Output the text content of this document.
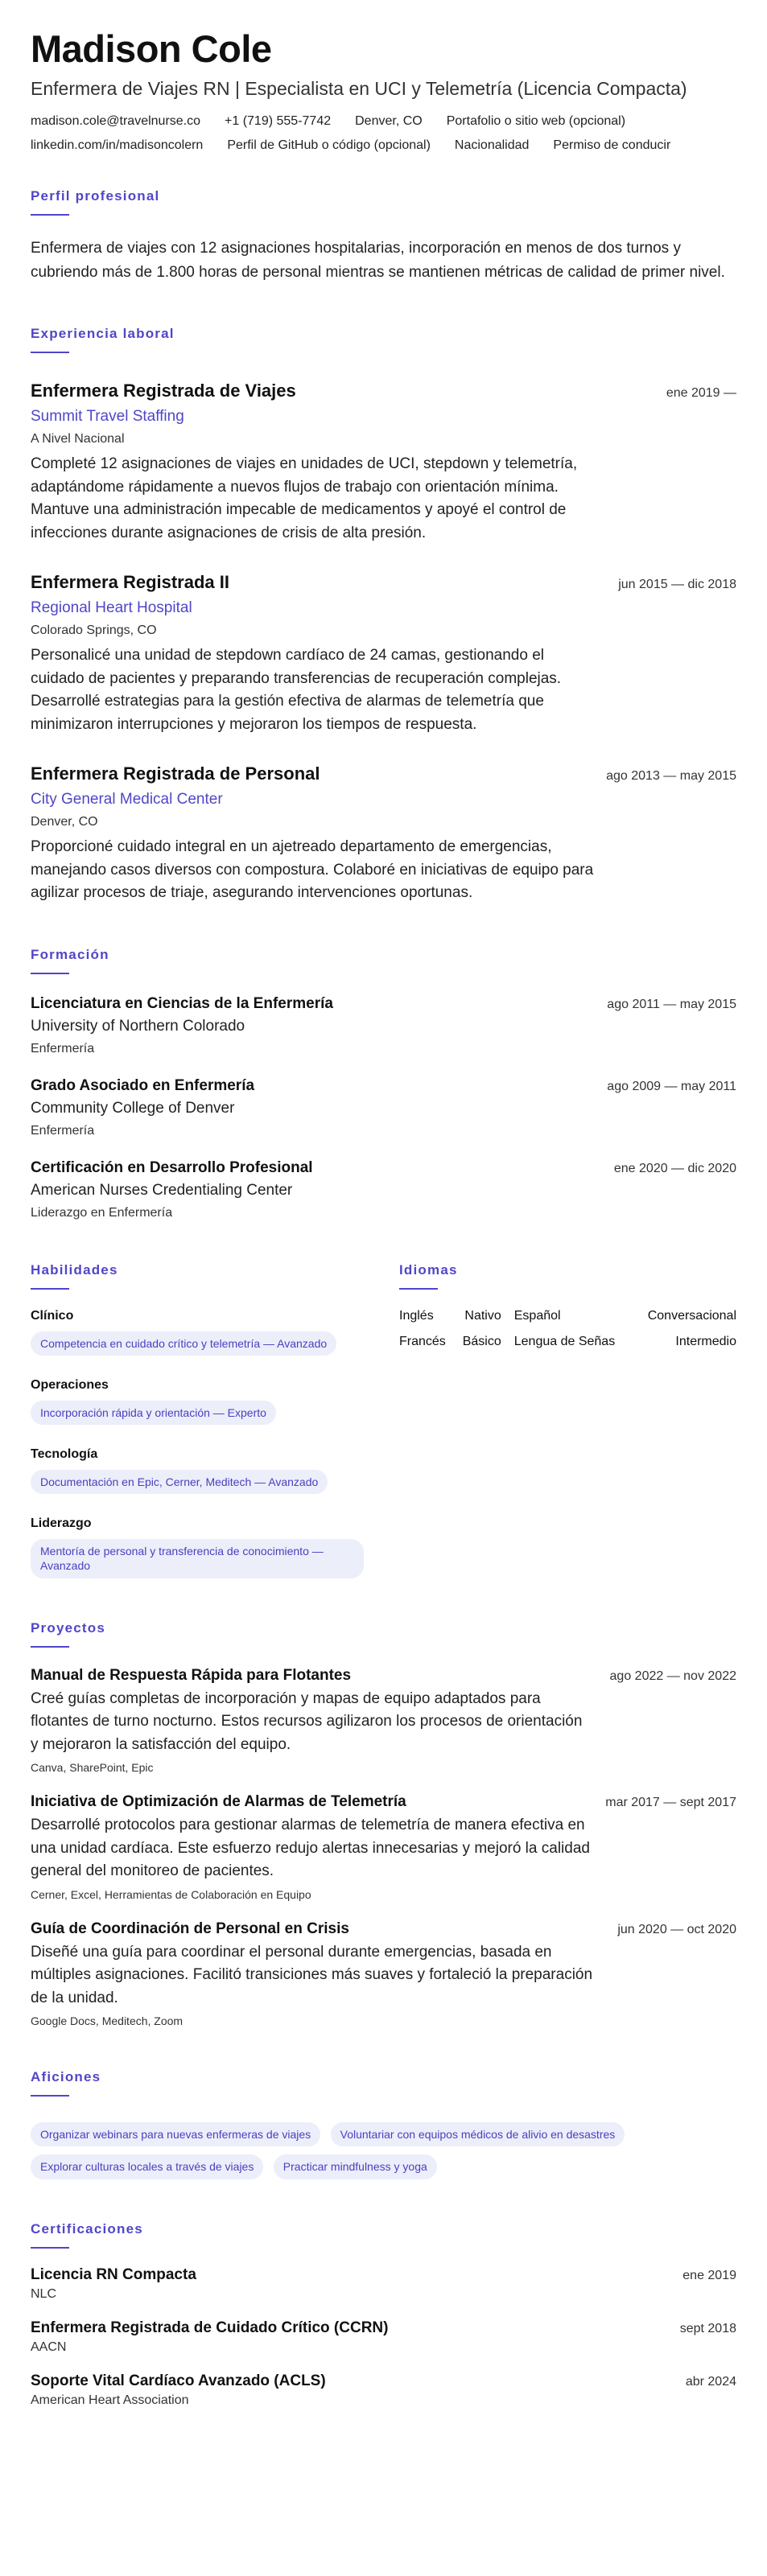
Madison Cole
Enfermera de Viajes RN | Especialista en UCI y Telemetría (Licencia Compacta)
madison.cole@travelnurse.co +1 (719) 555-7742 Denver, CO Portafolio o sitio web (opcional)
linkedin.com/in/madisoncolern Perfil de GitHub o código (opcional) Nacionalidad Permiso de conducir
Perfil profesional
Enfermera de viajes con 12 asignaciones hospitalarias, incorporación en menos de dos turnos y cubriendo más de 1.800 horas de personal mientras se mantienen métricas de calidad de primer nivel.
Experiencia laboral
Enfermera Registrada de Viajes	ene 2019 —
Summit Travel Staffing
A Nivel Nacional
Completé 12 asignaciones de viajes en unidades de UCI, stepdown y telemetría, adaptándome rápidamente a nuevos flujos de trabajo con orientación mínima. Mantuve una administración impecable de medicamentos y apoyé el control de infecciones durante asignaciones de crisis de alta presión.
Enfermera Registrada II	jun 2015 — dic 2018
Regional Heart Hospital
Colorado Springs, CO
Personalicé una unidad de stepdown cardíaco de 24 camas, gestionando el cuidado de pacientes y preparando transferencias de recuperación complejas. Desarrollé estrategias para la gestión efectiva de alarmas de telemetría que minimizaron interrupciones y mejoraron los tiempos de respuesta.
Enfermera Registrada de Personal	ago 2013 — may 2015
City General Medical Center
Denver, CO
Proporcioné cuidado integral en un ajetreado departamento de emergencias, manejando casos diversos con compostura. Colaboré en iniciativas de equipo para agilizar procesos de triaje, asegurando intervenciones oportunas.
Formación
Licenciatura en Ciencias de la Enfermería	ago 2011 — may 2015
University of Northern Colorado
Enfermería
Grado Asociado en Enfermería	ago 2009 — may 2011
Community College of Denver
Enfermería
Certificación en Desarrollo Profesional	ene 2020 — dic 2020
American Nurses Credentialing Center
Liderazgo en Enfermería
Habilidades
Clínico
Competencia en cuidado crítico y telemetría — Avanzado
Operaciones
Incorporación rápida y orientación — Experto
Tecnología
Documentación en Epic, Cerner, Meditech — Avanzado
Liderazgo
Mentoría de personal y transferencia de conocimiento — Avanzado
Idiomas
Inglés	Nativo	Español	Conversacional
Francés	Básico	Lengua de Señas	Intermedio
Proyectos
Manual de Respuesta Rápida para Flotantes	ago 2022 — nov 2022
Creé guías completas de incorporación y mapas de equipo adaptados para flotantes de turno nocturno. Estos recursos agilizaron los procesos de orientación y mejoraron la satisfacción del equipo.
Canva, SharePoint, Epic
Iniciativa de Optimización de Alarmas de Telemetría	mar 2017 — sept 2017
Desarrollé protocolos para gestionar alarmas de telemetría de manera efectiva en una unidad cardíaca. Este esfuerzo redujo alertas innecesarias y mejoró la calidad general del monitoreo de pacientes.
Cerner, Excel, Herramientas de Colaboración en Equipo
Guía de Coordinación de Personal en Crisis	jun 2020 — oct 2020
Diseñé una guía para coordinar el personal durante emergencias, basada en múltiples asignaciones. Facilitó transiciones más suaves y fortaleció la preparación de la unidad.
Google Docs, Meditech, Zoom
Aficiones
Organizar webinars para nuevas enfermeras de viajes	Voluntariar con equipos médicos de alivio en desastres Explorar culturas locales a través de viajes	Practicar mindfulness y yoga
Certificaciones
Licencia RN Compacta	ene 2019
NLC
Enfermera Registrada de Cuidado Crítico (CCRN)	sept 2018
AACN
Soporte Vital Cardíaco Avanzado (ACLS)	abr 2024
American Heart Association
